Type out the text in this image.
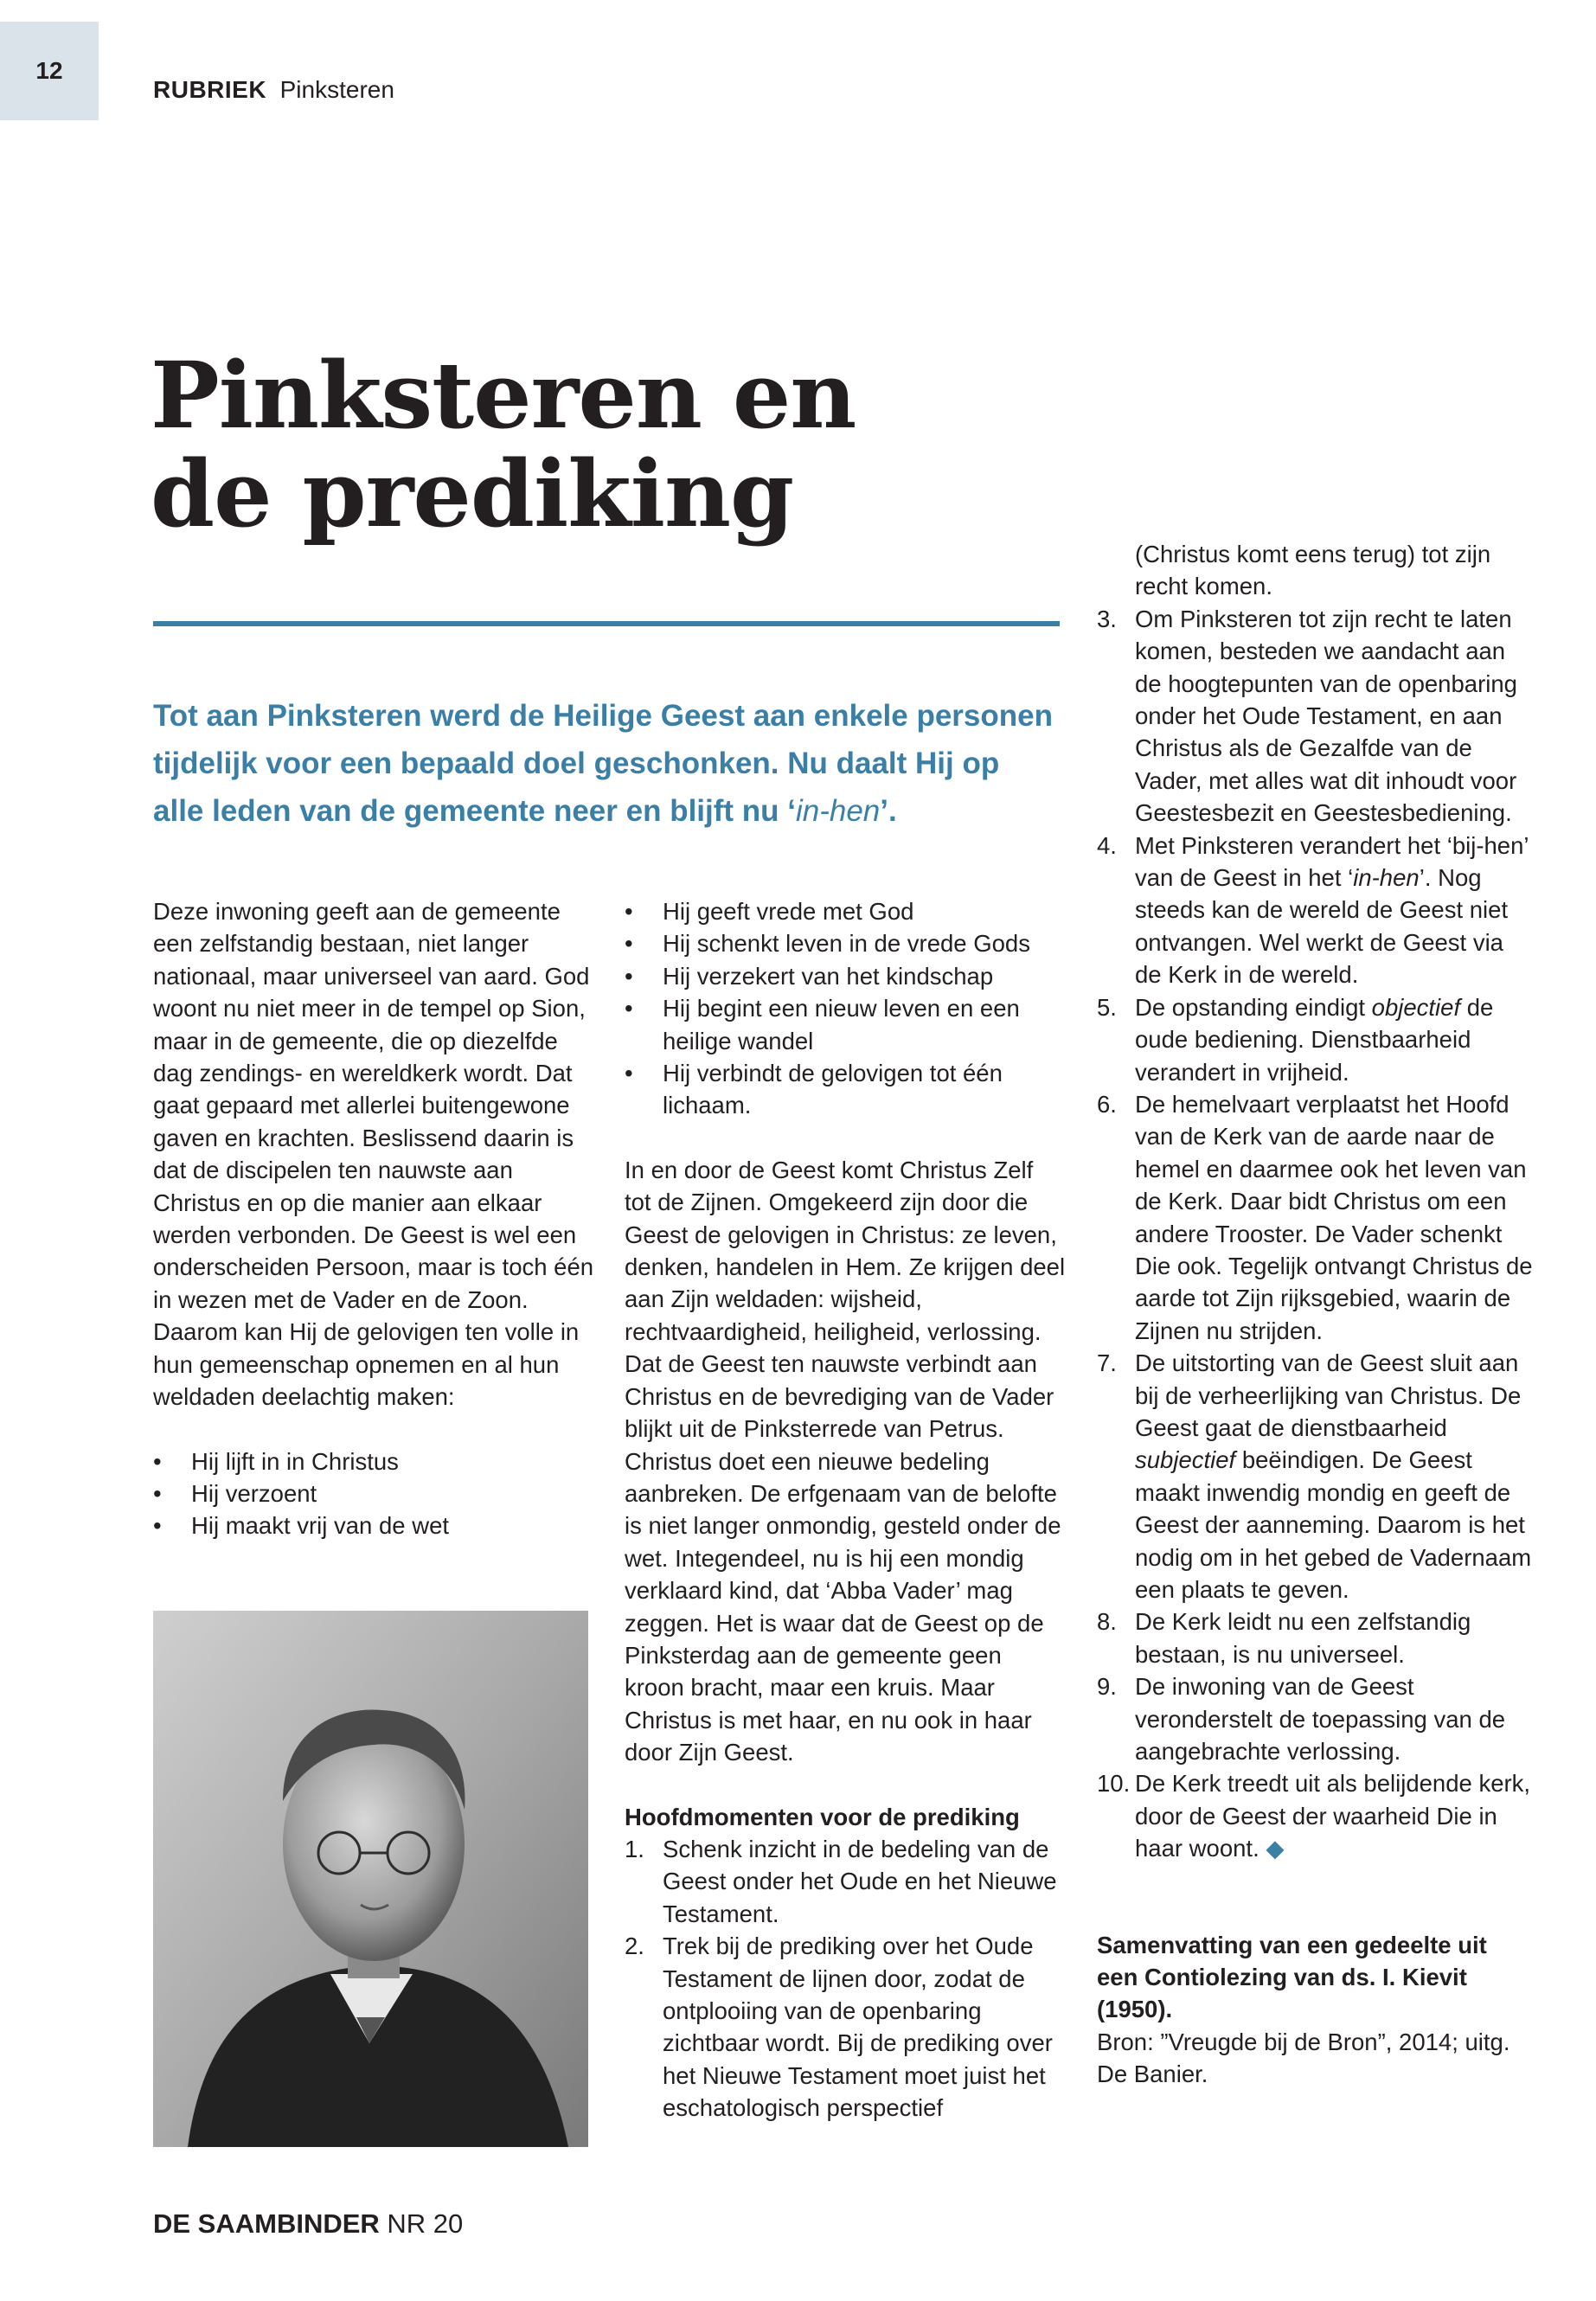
12
RUBRIEK Pinksteren
Pinksteren en
de prediking

Tot aan Pinksteren werd de Heilige Geest aan enkele personen tijdelijk voor een bepaald doel geschonken. Nu daalt Hij op alle leden van de gemeente neer en blijft nu ‘in-hen’.

Deze inwoning geeft aan de gemeente een zelfstandig bestaan, niet langer nationaal, maar universeel van aard. God woont nu niet meer in de tempel op Sion, maar in de gemeente, die op diezelfde dag zendings- en wereldkerk wordt. Dat gaat gepaard met allerlei buitengewone gaven en krachten. Beslissend daarin is dat de discipelen ten nauwste aan Christus en op die manier aan elkaar werden verbonden. De Geest is wel een onderscheiden Persoon, maar is toch één in wezen met de Vader en de Zoon. Daarom kan Hij de gelovigen ten volle in hun gemeenschap opnemen en al hun weldaden deelachtig maken:

• Hij lijft in in Christus
• Hij verzoent
• Hij maakt vrij van de wet
• Hij geeft vrede met God
• Hij schenkt leven in de vrede Gods
• Hij verzekert van het kindschap
• Hij begint een nieuw leven en een heilige wandel
• Hij verbindt de gelovigen tot één lichaam.

In en door de Geest komt Christus Zelf tot de Zijnen. Omgekeerd zijn door die Geest de gelovigen in Christus: ze leven, denken, handelen in Hem. Ze krijgen deel aan Zijn weldaden: wijsheid, rechtvaardigheid, heiligheid, verlossing.

Dat de Geest ten nauwste verbindt aan Christus en de bevrediging van de Vader blijkt uit de Pinksterrede van Petrus. Christus doet een nieuwe bedeling aanbreken. De erfgenaam van de belofte is niet langer onmondig, gesteld onder de wet. Integendeel, nu is hij een mondig verklaard kind, dat ‘Abba Vader’ mag zeggen. Het is waar dat de Geest op de Pinksterdag aan de gemeente geen kroon bracht, maar een kruis. Maar Christus is met haar, en nu ook in haar door Zijn Geest.

Hoofdmomenten voor de prediking

1. Schenk inzicht in de bedeling van de Geest onder het Oude en het Nieuwe Testament.
2. Trek bij de prediking over het Oude Testament de lijnen door, zodat de ontplooiing van de openbaring zichtbaar wordt. Bij de prediking over het Nieuwe Testament moet juist het eschatologisch perspectief

(Christus komt eens terug) tot zijn recht komen.

3. Om Pinksteren tot zijn recht te laten komen, besteden we aandacht aan de hoogtepunten van de openbaring onder het Oude Testament, en aan Christus als de Gezalfde van de Vader, met alles wat dit inhoudt voor Geestesbezit en Geestesbediening.
4. Met Pinksteren verandert het ‘bij-hen’ van de Geest in het ‘in-hen’. Nog steeds kan de wereld de Geest niet ontvangen. Wel werkt de Geest via de Kerk in de wereld.
5. De opstanding eindigt objectief de oude bediening. Dienstbaarheid verandert in vrijheid.
6. De hemelvaart verplaatst het Hoofd van de Kerk van de aarde naar de hemel en daarmee ook het leven van de Kerk. Daar bidt Christus om een andere Trooster. De Vader schenkt Die ook. Tegelijk ontvangt Christus de aarde tot Zijn rijksgebied, waarin de Zijnen nu strijden.
7. De uitstorting van de Geest sluit aan bij de verheerlijking van Christus. De Geest gaat de dienstbaarheid subjectief beëindigen. De Geest maakt inwendig mondig en geeft de Geest der aanneming. Daarom is het nodig om in het gebed de Vadernaam een plaats te geven.
8. De Kerk leidt nu een zelfstandig bestaan, is nu universeel.
9. De inwoning van de Geest veronderstelt de toepassing van de aangebrachte verlossing.
10. De Kerk treedt uit als belijdende kerk, door de Geest der waarheid Die in haar woont. ◆

Samenvatting van een gedeelte uit een Contiolezing van ds. I. Kievit (1950).

Bron: ”Vreugde bij de Bron”, 2014; uitg. De Banier.

DE SAAMBINDER NR 20
